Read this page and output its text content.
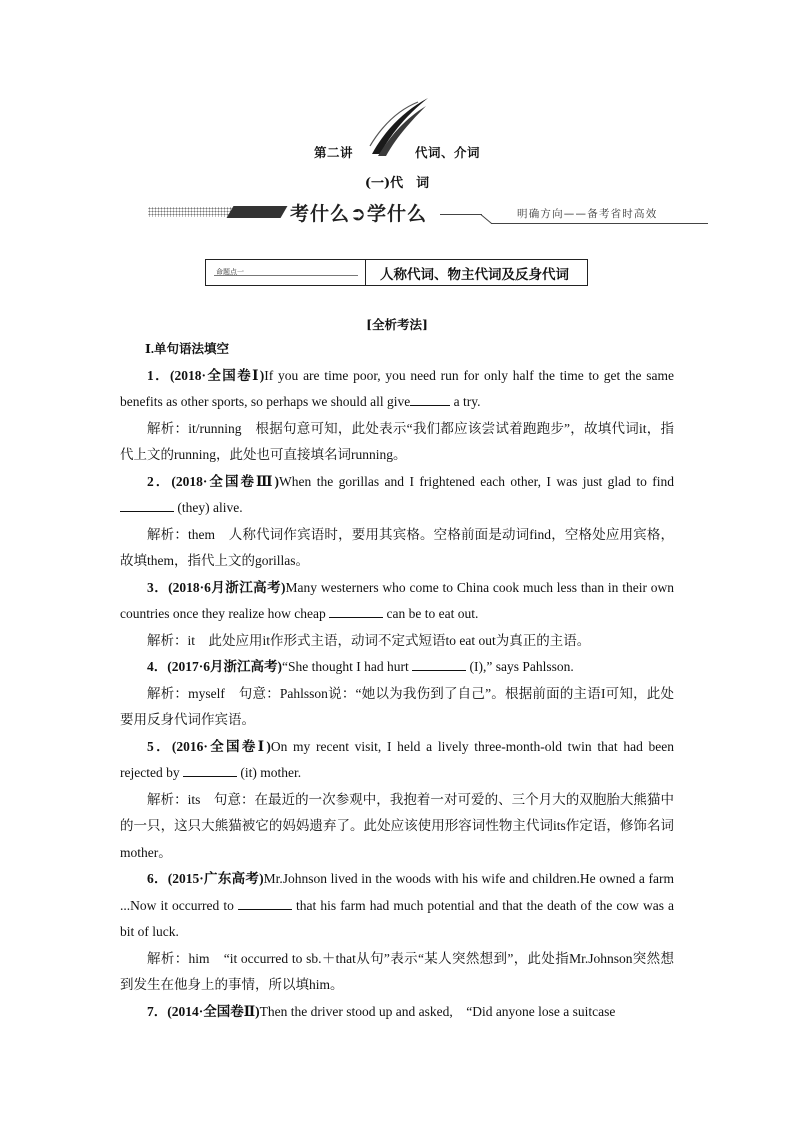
第二讲	代词、介词
(一)代　词
考什么➲学什么	明确方向——备考省时高效
命题点一	人称代词、物主代词及反身代词
[全析考法]

Ⅰ.单句语法填空

1．(2018·全国卷Ⅰ)If you are time poor, you need run for only half the time to get the same benefits as other sports, so perhaps we should all give	a try.

解析：it/running　根据句意可知，此处表示“我们都应该尝试着跑跑步”，故填代词it，指代上文的running，此处也可直接填名词running。

2．(2018·全国卷Ⅲ)When the gorillas and I frightened each other, I was just glad to find (they) alive.

解析：them　人称代词作宾语时，要用其宾格。空格前面是动词find，空格处应用宾格，故填them，指代上文的gorillas。

3．(2018·6月浙江高考)Many westerners who come to China cook much less than in their own countries once they realize how cheap	can be to eat out.

解析：it　此处应用it作形式主语，动词不定式短语to eat out为真正的主语。

4．(2017·6月浙江高考)“She thought I had hurt	(I),” says Pahlsson.

解析：myself　句意：Pahlsson说：“她以为我伤到了自己”。根据前面的主语I可知，此处要用反身代词作宾语。

5．(2016·全国卷Ⅰ)On my recent visit, I held a lively three-month-old twin that had been rejected by	(it) mother.

解析：its　句意：在最近的一次参观中，我抱着一对可爱的、三个月大的双胞胎大熊猫中的一只，这只大熊猫被它的妈妈遗弃了。此处应该使用形容词性物主代词its作定语，修饰名词mother。

6．(2015·广东高考)Mr.Johnson lived in the woods with his wife and children.He owned a farm ...Now it occurred to	that his farm had much potential and that the death of the cow was a bit of luck.

解析：him　“it occurred to sb.＋that从句”表示“某人突然想到”，此处指Mr.Johnson突然想到发生在他身上的事情，所以填him。

7．(2014·全国卷Ⅱ)Then the driver stood up and asked,　“Did anyone lose a suitcase
